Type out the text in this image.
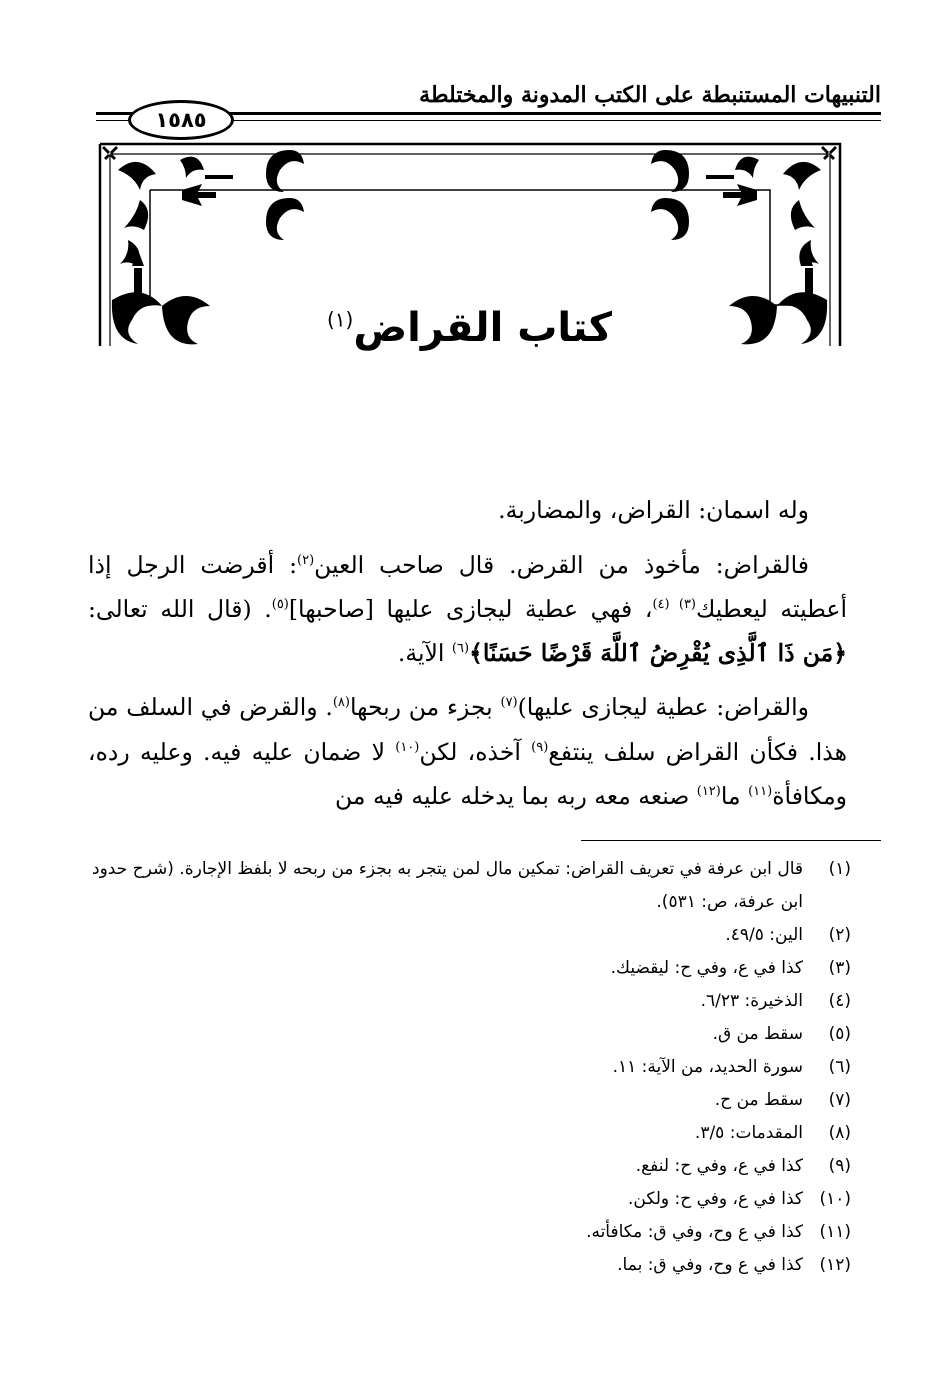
التنبيهات المستنبطة على الكتب المدونة والمختلطة
١٥٨٥
كتاب القراض$^{(١)}$

وله اسمان: القراض، والمضاربة.

فالقراض: مأخوذ من القرض. قال صاحب العين$^{(٢)}$: أقرضت الرجل إذا أعطيته ليعطيك$^{(٣) (٤)}$، فهي عطية ليجازى عليها [صاحبها]$^{(٥)}$. (قال الله تعالى: ﴿مَن ذَا ٱلَّذِى يُقْرِضُ ٱللَّهَ قَرْضًا حَسَنًا﴾$^{(٦)}$ الآية.

والقراض: عطية ليجازى عليها)$^{(٧)}$ بجزء من ربحها$^{(٨)}$. والقرض في السلف من هذا. فكأن القراض سلف ينتفع$^{(٩)}$ آخذه، لكن$^{(١٠)}$ لا ضمان عليه فيه. وعليه رده، ومكافأة$^{(١١)}$ ما$^{(١٢)}$ صنعه معه ربه بما يدخله عليه فيه من

(١)
قال ابن عرفة في تعريف القراض: تمكين مال لمن يتجر به بجزء من ربحه لا بلفظ الإجارة. (شرح حدود ابن عرفة، ص: ٥٣١).
(٢)
الين: ٤٩/٥.
(٣)
كذا في ع، وفي ح: ليقضيك.
(٤)
الذخيرة: ٦/٢٣.
(٥)
سقط من ق.
(٦)
سورة الحديد، من الآية: ١١.
(٧)
سقط من ح.
(٨)
المقدمات: ٣/٥.
(٩)
كذا في ع، وفي ح: لنفع.
(١٠)
كذا في ع، وفي ح: ولكن.
(١١)
كذا في ع وح، وفي ق: مكافأته.
(١٢)
كذا في ع وح، وفي ق: بما.
